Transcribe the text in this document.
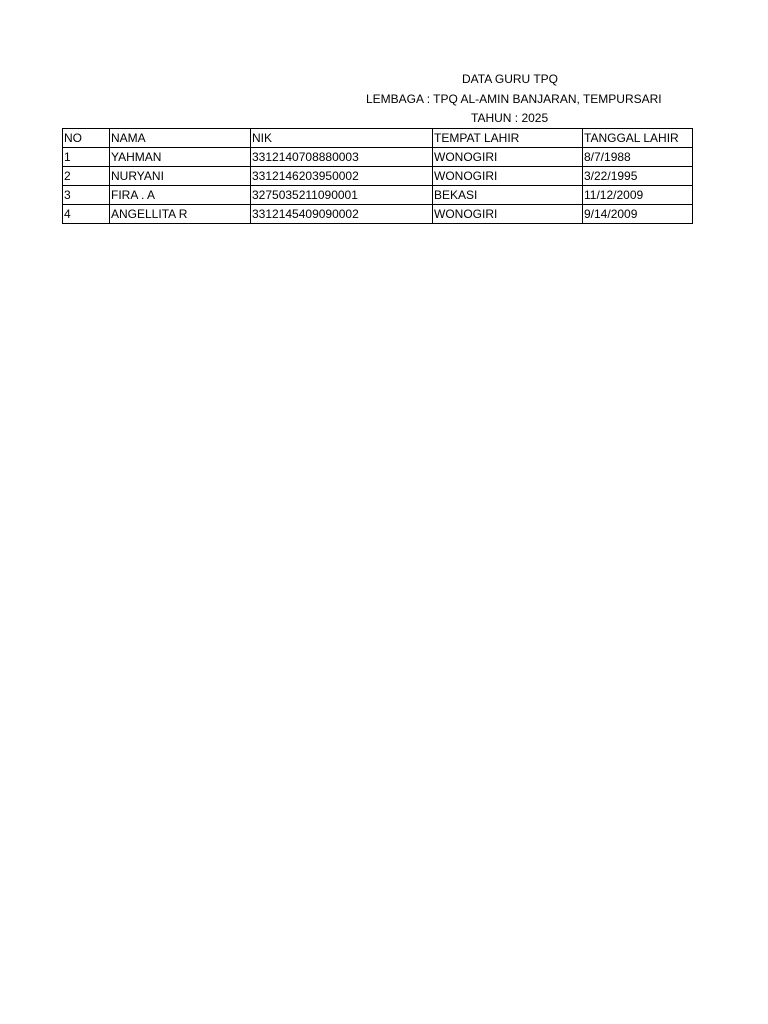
DATA GURU TPQ
LEMBAGA : TPQ AL-AMIN BANJARAN, TEMPURSARI
TAHUN : 2025
NO	NAMA	NIK	TEMPAT LAHIR	TANGGAL LAHIR
1	YAHMAN	3312140708880003	WONOGIRI	8/7/1988
2	NURYANI	3312146203950002	WONOGIRI	3/22/1995
3	FIRA . A	3275035211090001	BEKASI	11/12/2009
4	ANGELLITA R	3312145409090002	WONOGIRI	9/14/2009
